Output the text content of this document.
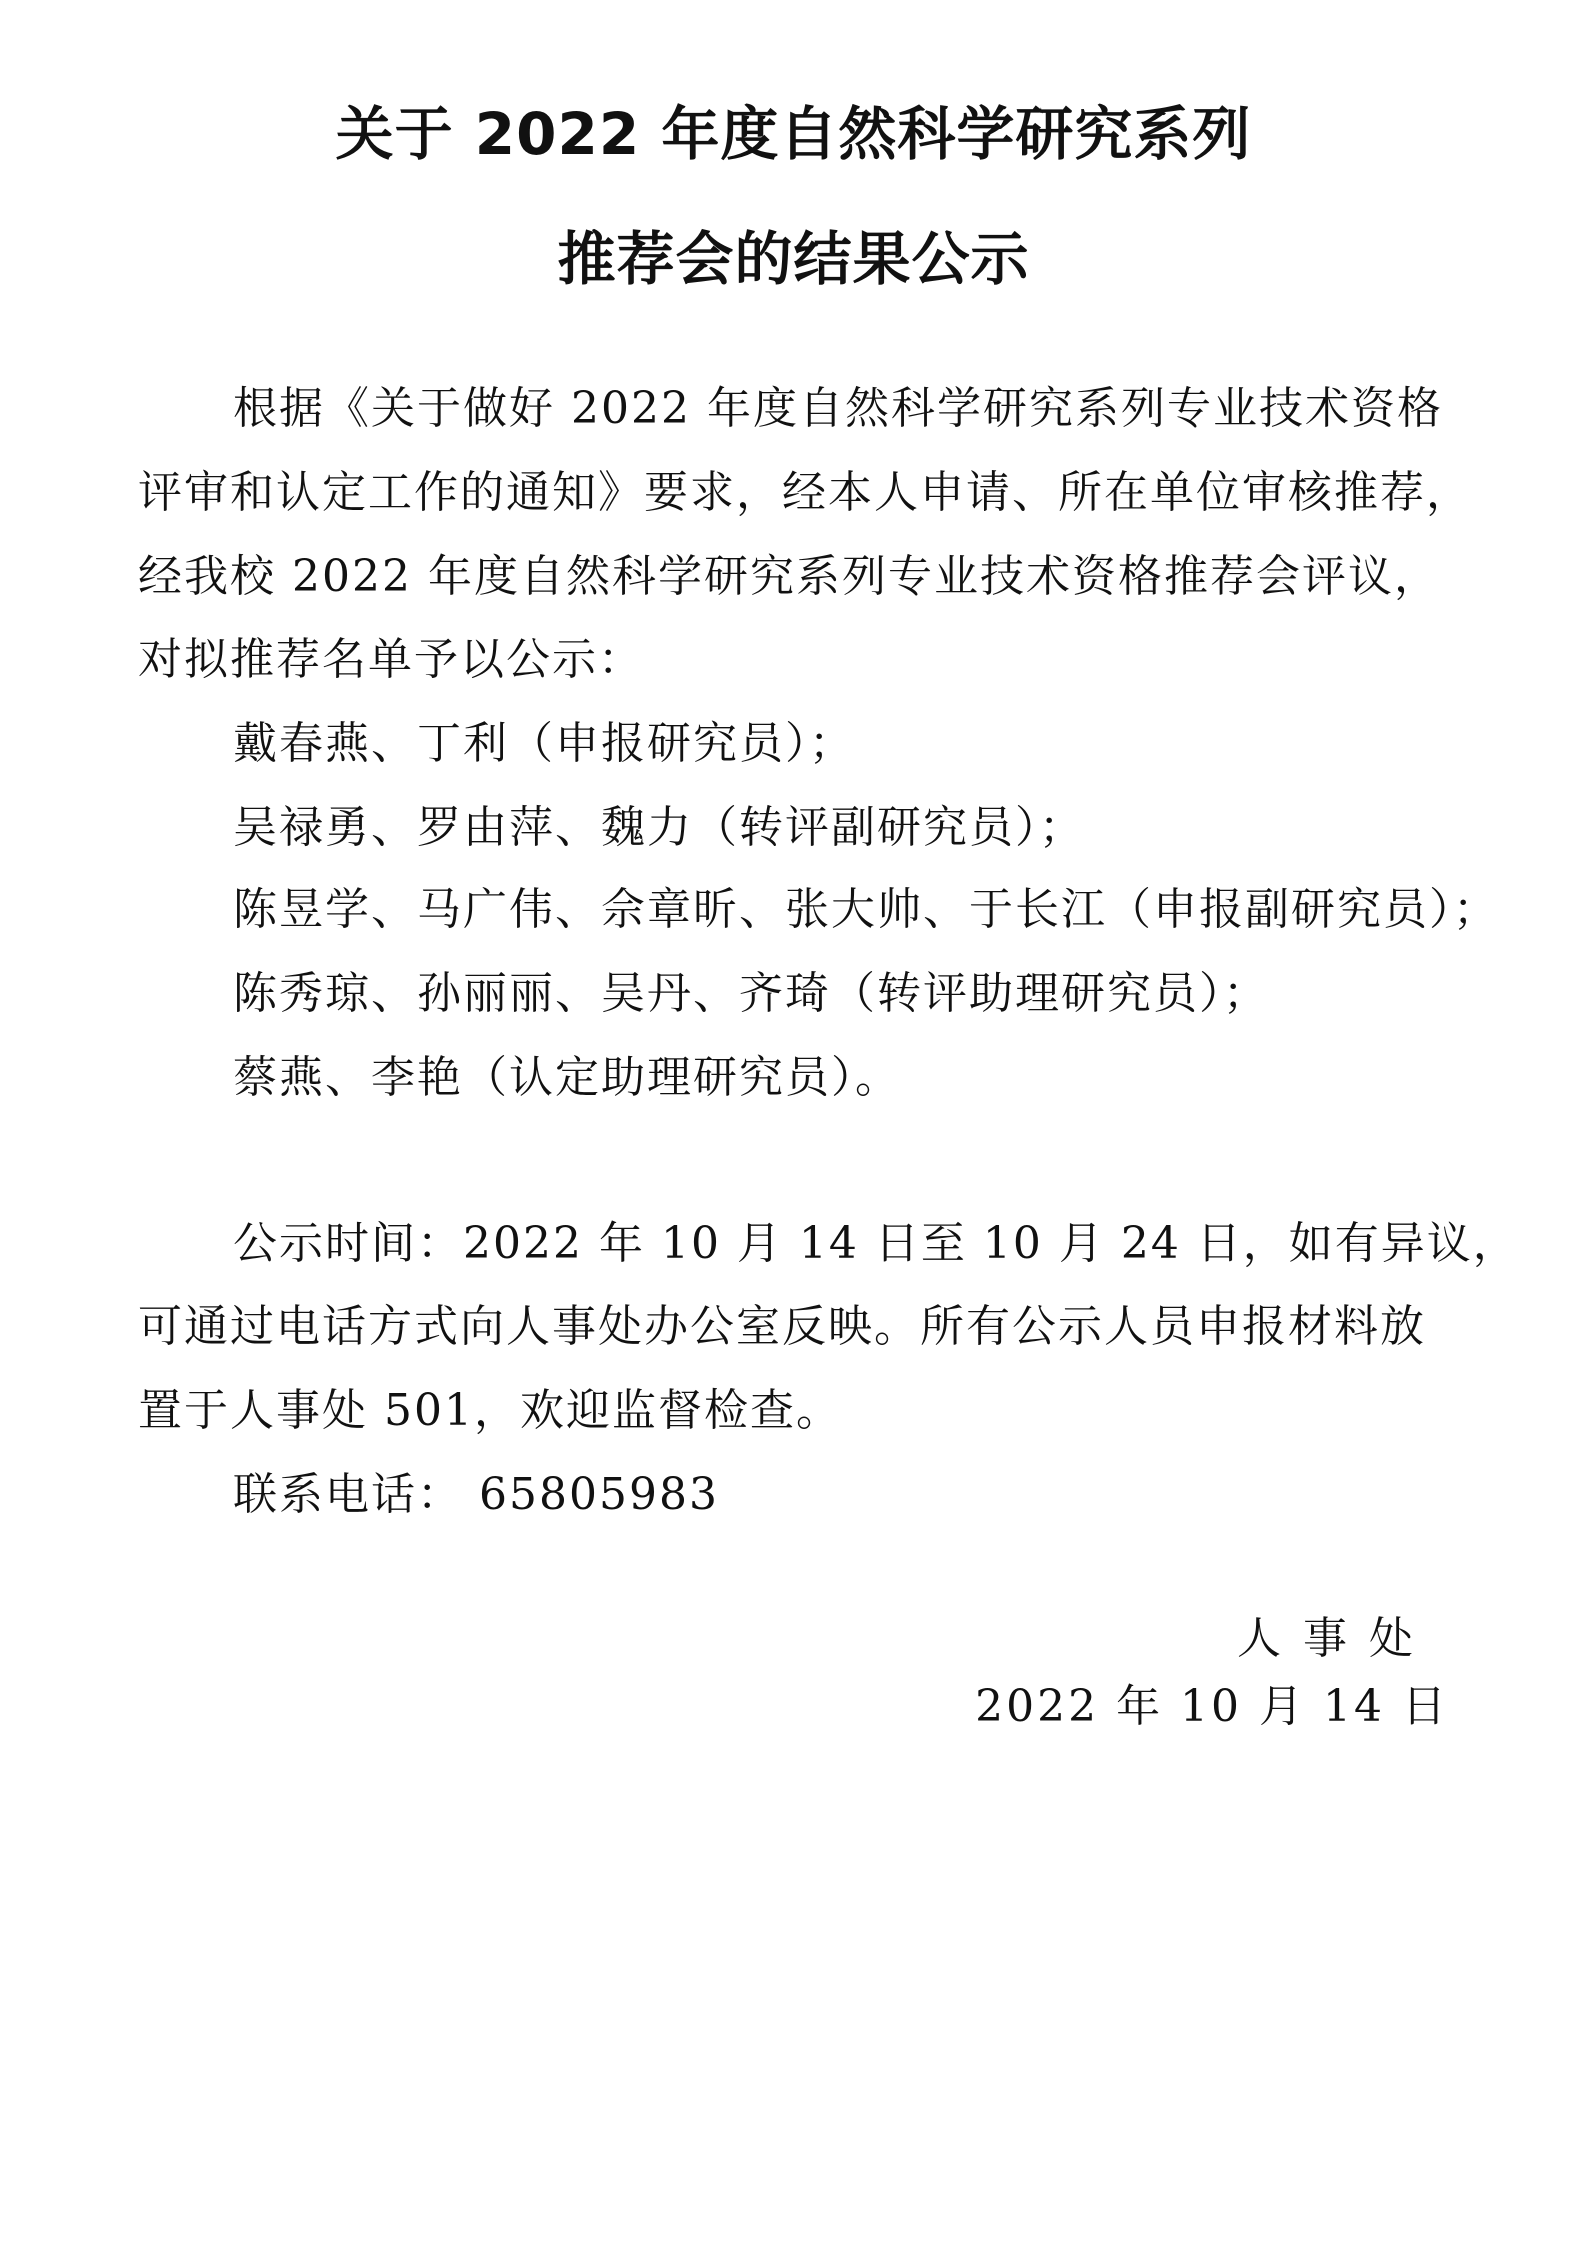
关于 2022 年度自然科学研究系列
推荐会的结果公示
根据《关于做好 2022 年度自然科学研究系列专业技术资格
评审和认定工作的通知》要求，经本人申请、所在单位审核推荐，
经我校 2022 年度自然科学研究系列专业技术资格推荐会评议，
对拟推荐名单予以公示：
戴春燕、丁利（申报研究员）；
吴禄勇、罗由萍、魏力（转评副研究员）；
陈昱学、马广伟、佘章昕、张大帅、于长江（申报副研究员）；
陈秀琼、孙丽丽、吴丹、齐琦（转评助理研究员）；
蔡燕、李艳（认定助理研究员）。
公示时间：2022 年 10 月 14 日至 10 月 24 日，如有异议，
可通过电话方式向人事处办公室反映。所有公示人员申报材料放
置于人事处 501，欢迎监督检查。
联系电话： 65805983
人事处
2022 年 10 月 14 日
